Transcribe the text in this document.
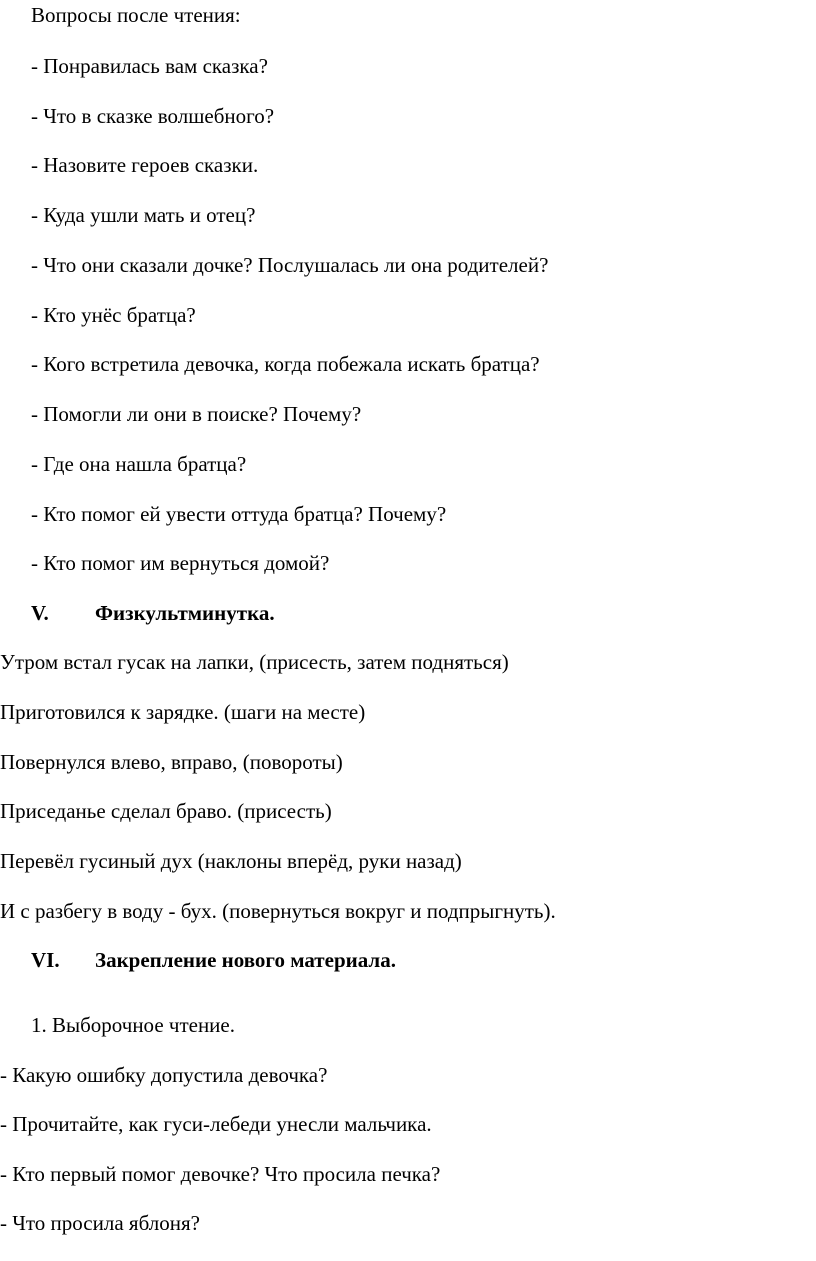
Вопросы после чтения:
- Понравилась вам сказка?
- Что в сказке волшебного?
- Назовите героев сказки.
- Куда ушли мать и отец?
- Что они сказали дочке? Послушалась ли она родителей?
- Кто унёс братца?
- Кого встретила девочка, когда побежала искать братца?
- Помогли ли они в поиске? Почему?
- Где она нашла братца?
- Кто помог ей увести оттуда братца? Почему?
- Кто помог им вернуться домой?
V. Физкультминутка.
Утром встал гусак на лапки, (присесть, затем подняться)
Приготовился к зарядке. (шаги на месте)
Повернулся влево, вправо, (повороты)
Приседанье сделал браво. (присесть)
Перевёл гусиный дух (наклоны вперёд, руки назад)
И с разбегу в воду - бух. (повернуться вокруг и подпрыгнуть).
VI. Закрепление нового материала.
1. Выборочное чтение.
- Какую ошибку допустила девочка?
- Прочитайте, как гуси-лебеди унесли мальчика.
- Кто первый помог девочке? Что просила печка?
- Что просила яблоня?
